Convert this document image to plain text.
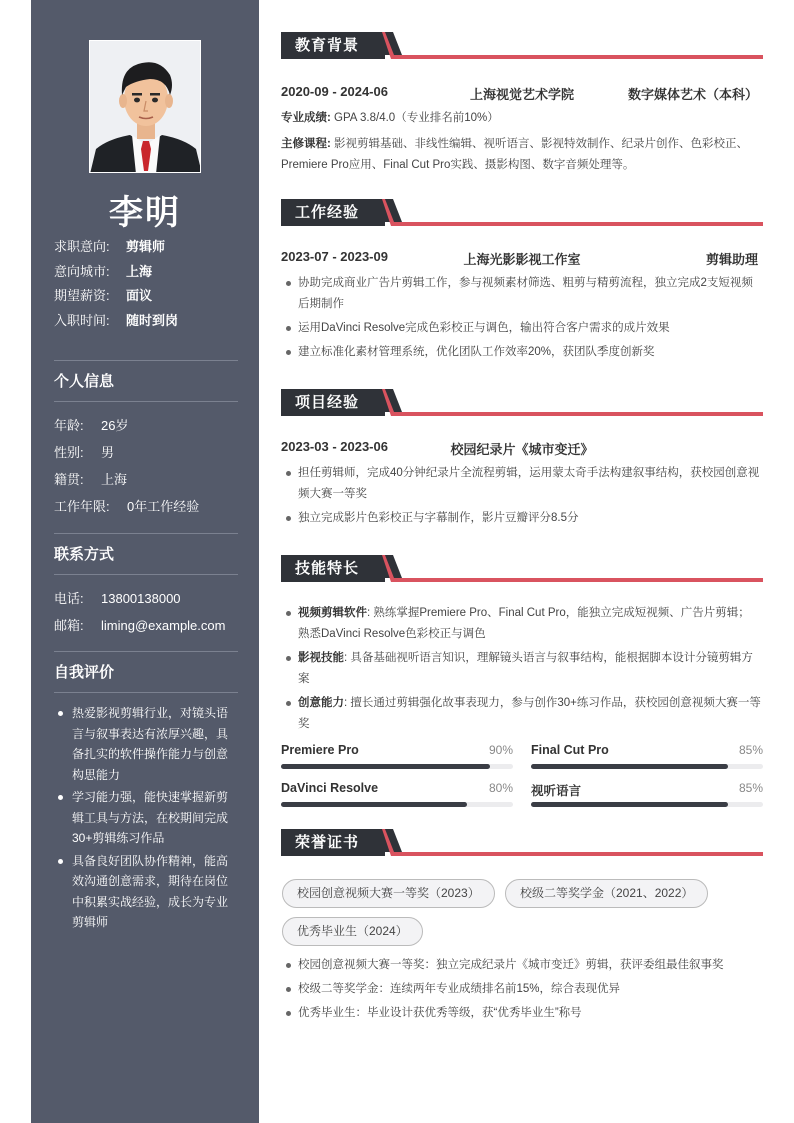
李明
求职意向: 剪辑师
意向城市: 上海
期望薪资: 面议
入职时间: 随时到岗
个人信息
年龄: 26岁
性别: 男
籍贯: 上海
工作年限: 0年工作经验
联系方式
电话: 13800138000
邮箱: liming@example.com
自我评价
热爱影视剪辑行业，对镜头语言与叙事表达有浓厚兴趣，具备扎实的软件操作能力与创意构思能力
学习能力强，能快速掌握新剪辑工具与方法，在校期间完成30+剪辑练习作品
具备良好团队协作精神，能高效沟通创意需求，期待在岗位中积累实战经验，成长为专业剪辑师
教育背景
上海视觉艺术学院
2020-09 - 2024-06	数字媒体艺术（本科）
专业成绩: GPA 3.8/4.0（专业排名前10%）
主修课程: 影视剪辑基础、非线性编辑、视听语言、影视特效制作、纪录片创作、色彩校正、Premiere Pro应用、Final Cut Pro实践、摄影构图、数字音频处理等。
工作经验
上海光影影视工作室
2023-07 - 2023-09	剪辑助理
协助完成商业广告片剪辑工作，参与视频素材筛选、粗剪与精剪流程，独立完成2支短视频后期制作
运用DaVinci Resolve完成色彩校正与调色，输出符合客户需求的成片效果
建立标准化素材管理系统，优化团队工作效率20%，获团队季度创新奖
项目经验
校园纪录片《城市变迁》
2023-03 - 2023-06
担任剪辑师，完成40分钟纪录片全流程剪辑，运用蒙太奇手法构建叙事结构，获校园创意视频大赛一等奖
独立完成影片色彩校正与字幕制作，影片豆瓣评分8.5分
技能特长
视频剪辑软件: 熟练掌握Premiere Pro、Final Cut Pro，能独立完成短视频、广告片剪辑；熟悉DaVinci Resolve色彩校正与调色
影视技能: 具备基础视听语言知识，理解镜头语言与叙事结构，能根据脚本设计分镜剪辑方案
创意能力: 擅长通过剪辑强化故事表现力，参与创作30+练习作品，获校园创意视频大赛一等奖
Premiere Pro	90% Final Cut Pro	85%
DaVinci Resolve	80% 视听语言	85%
荣誉证书
校园创意视频大赛一等奖（2023）	校级二等奖学金（2021、2022）
优秀毕业生（2024）
校园创意视频大赛一等奖：独立完成纪录片《城市变迁》剪辑，获评委组最佳叙事奖
校级二等奖学金：连续两年专业成绩排名前15%，综合表现优异
优秀毕业生：毕业设计获优秀等级，获“优秀毕业生”称号
